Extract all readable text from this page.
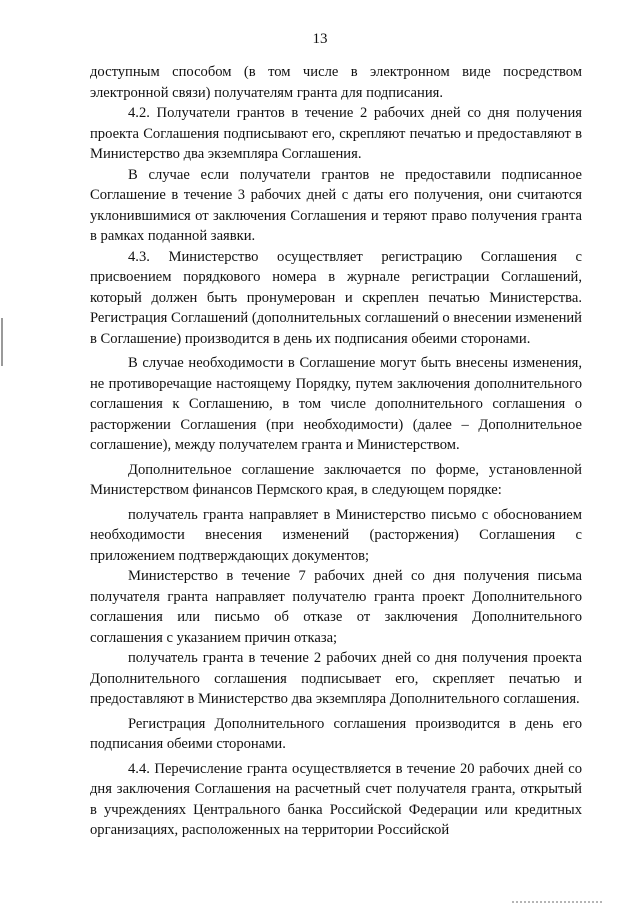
13

доступным способом (в том числе в электронном виде посредством электронной связи) получателям гранта для подписания.

4.2. Получатели грантов в течение 2 рабочих дней со дня получения проекта Соглашения подписывают его, скрепляют печатью и предоставляют в Министерство два экземпляра Соглашения.

В случае если получатели грантов не предоставили подписанное Соглашение в течение 3 рабочих дней с даты его получения, они считаются уклонившимися от заключения Соглашения и теряют право получения гранта в рамках поданной заявки.

4.3. Министерство осуществляет регистрацию Соглашения с присвоением порядкового номера в журнале регистрации Соглашений, который должен быть пронумерован и скреплен печатью Министерства. Регистрация Соглашений (дополнительных соглашений о внесении изменений в Соглашение) производится в день их подписания обеими сторонами.

В случае необходимости в Соглашение могут быть внесены изменения, не противоречащие настоящему Порядку, путем заключения дополнительного соглашения к Соглашению, в том числе дополнительного соглашения о расторжении Соглашения (при необходимости) (далее – Дополнительное соглашение), между получателем гранта и Министерством.

Дополнительное соглашение заключается по форме, установленной Министерством финансов Пермского края, в следующем порядке:

получатель гранта направляет в Министерство письмо с обоснованием необходимости внесения изменений (расторжения) Соглашения с приложением подтверждающих документов;

Министерство в течение 7 рабочих дней со дня получения письма получателя гранта направляет получателю гранта проект Дополнительного соглашения или письмо об отказе от заключения Дополнительного соглашения с указанием причин отказа;

получатель гранта в течение 2 рабочих дней со дня получения проекта Дополнительного соглашения подписывает его, скрепляет печатью и предоставляют в Министерство два экземпляра Дополнительного соглашения.

Регистрация Дополнительного соглашения производится в день его подписания обеими сторонами.

4.4. Перечисление гранта осуществляется в течение 20 рабочих дней со дня заключения Соглашения на расчетный счет получателя гранта, открытый в учреждениях Центрального банка Российской Федерации или кредитных организациях, расположенных на территории Российской
